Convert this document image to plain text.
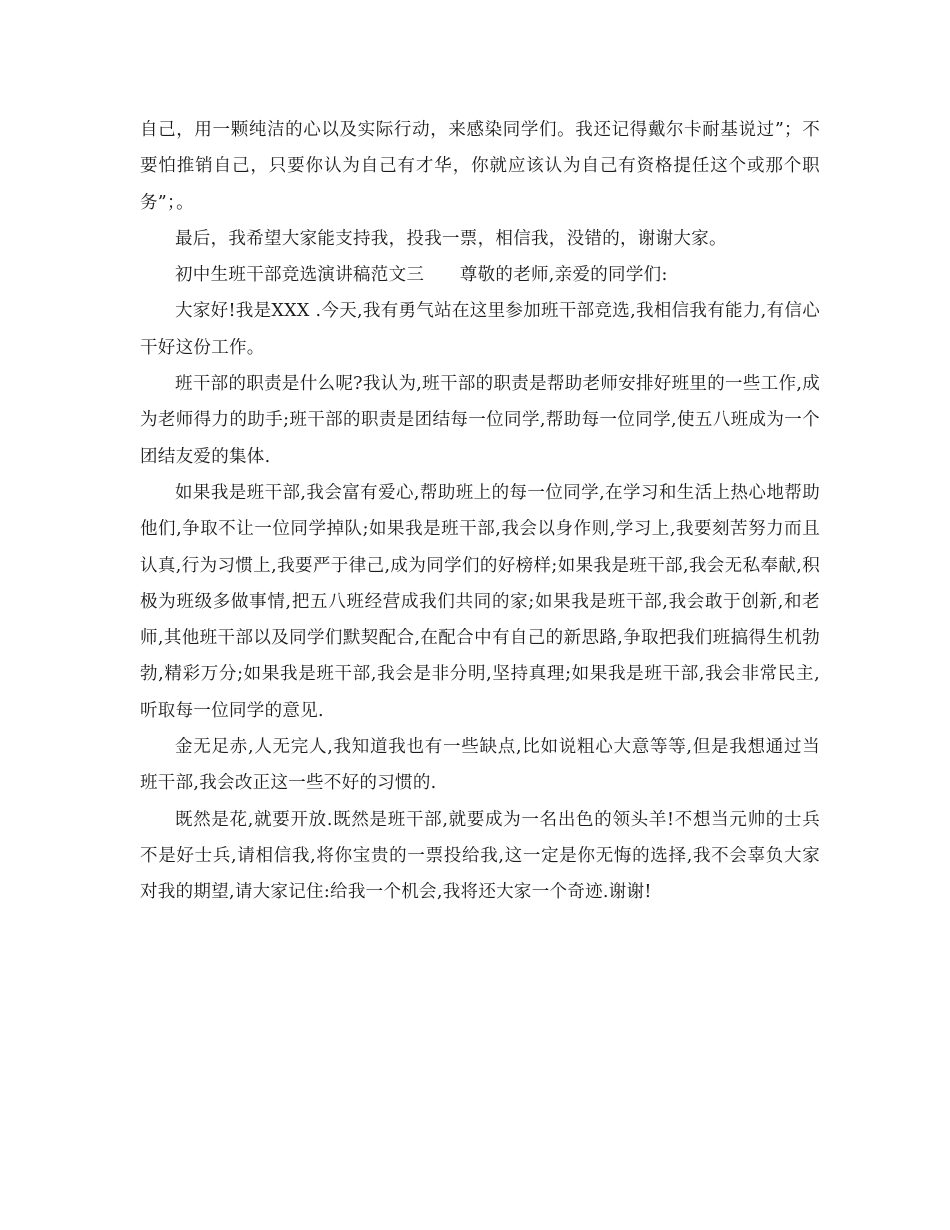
自己，用一颗纯洁的心以及实际行动，来感染同学们。我还记得戴尔卡耐基说过”；不要怕推销自己，只要你认为自己有才华，你就应该认为自己有资格提任这个或那个职务”；。

最后，我希望大家能支持我，投我一票，相信我，没错的，谢谢大家。

初中生班干部竞选演讲稿范文三　　尊敬的老师,亲爱的同学们:

大家好!我是XXX .今天,我有勇气站在这里参加班干部竞选,我相信我有能力,有信心干好这份工作。

班干部的职责是什么呢?我认为,班干部的职责是帮助老师安排好班里的一些工作,成为老师得力的助手;班干部的职责是团结每一位同学,帮助每一位同学,使五八班成为一个团结友爱的集体.

如果我是班干部,我会富有爱心,帮助班上的每一位同学,在学习和生活上热心地帮助他们,争取不让一位同学掉队;如果我是班干部,我会以身作则,学习上,我要刻苦努力而且认真,行为习惯上,我要严于律己,成为同学们的好榜样;如果我是班干部,我会无私奉献,积极为班级多做事情,把五八班经营成我们共同的家;如果我是班干部,我会敢于创新,和老师,其他班干部以及同学们默契配合,在配合中有自己的新思路,争取把我们班搞得生机勃勃,精彩万分;如果我是班干部,我会是非分明,坚持真理;如果我是班干部,我会非常民主,听取每一位同学的意见.

金无足赤,人无完人,我知道我也有一些缺点,比如说粗心大意等等,但是我想通过当班干部,我会改正这一些不好的习惯的.

既然是花,就要开放.既然是班干部,就要成为一名出色的领头羊!不想当元帅的士兵不是好士兵,请相信我,将你宝贵的一票投给我,这一定是你无悔的选择,我不会辜负大家对我的期望,请大家记住:给我一个机会,我将还大家一个奇迹.谢谢!
